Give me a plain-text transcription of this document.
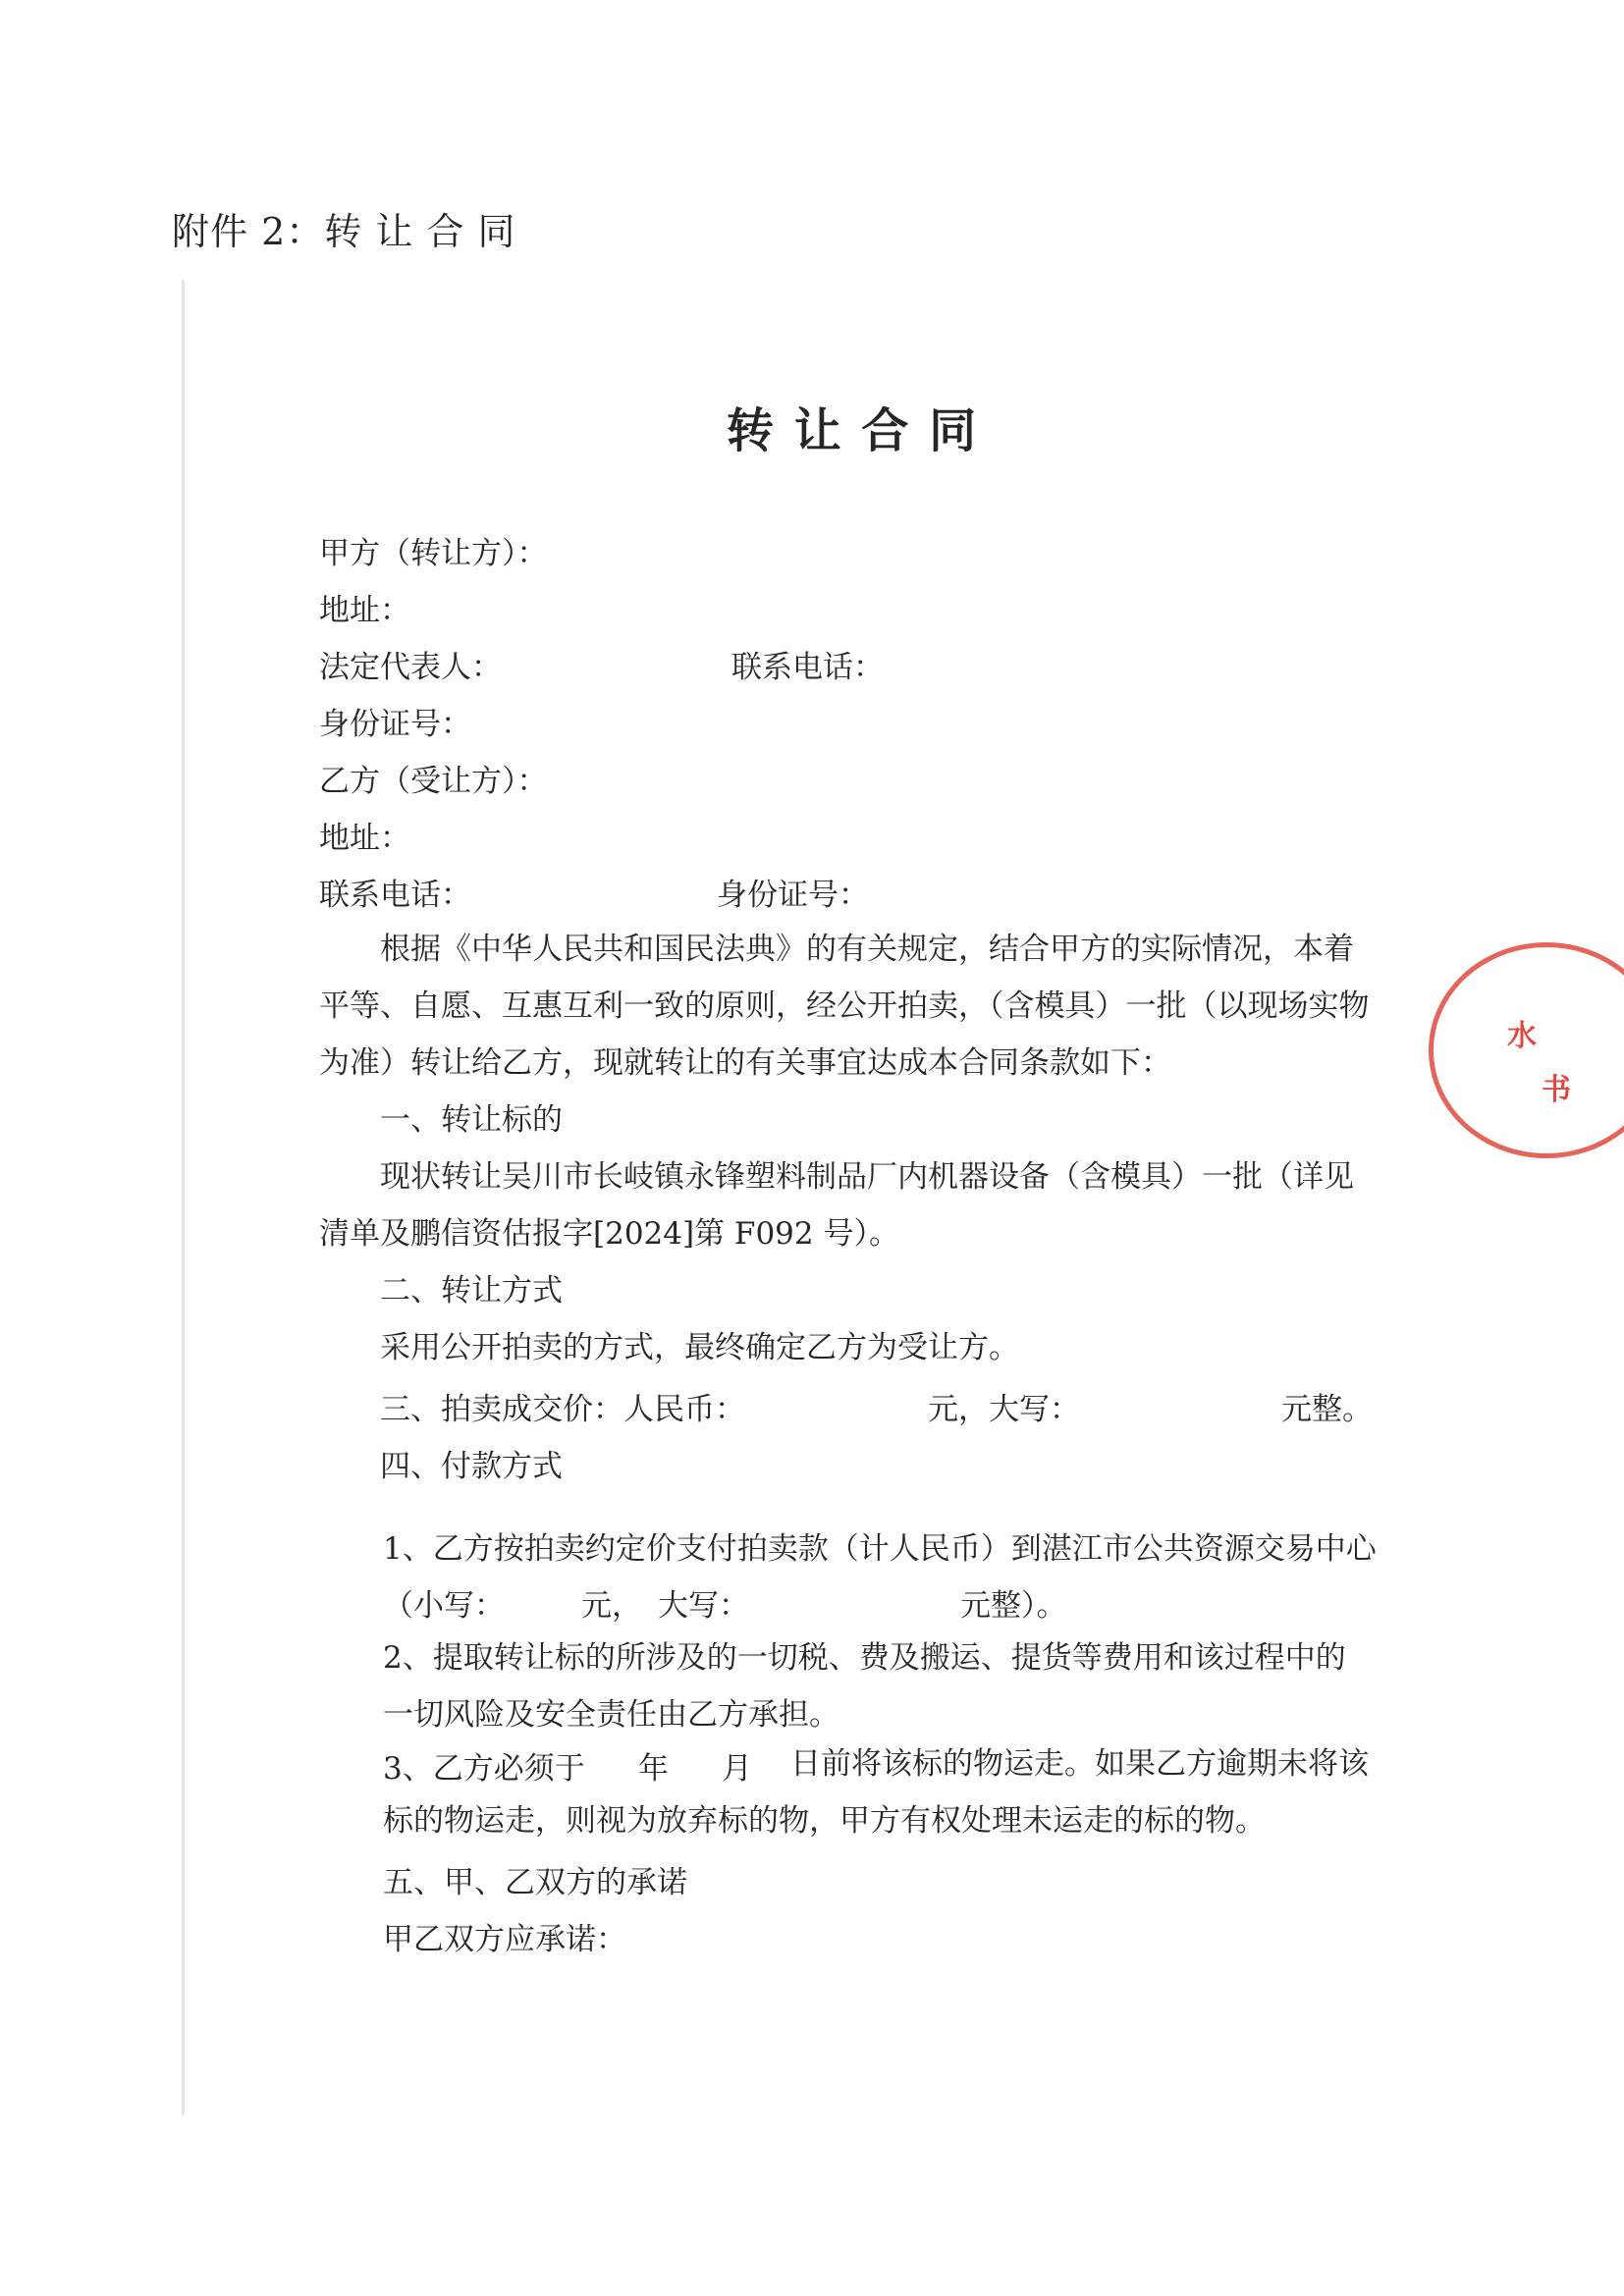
附件 2：转 让 合 同
转 让 合 同
甲方（转让方）：
地址：
法定代表人：	联系电话：
身份证号：
乙方（受让方）：
地址：
联系电话：	身份证号：

根据《中华人民共和国民法典》的有关规定，结合甲方的实际情况，本着平等、自愿、互惠互利一致的原则，经公开拍卖，（含模具）一批（以现场实物为准）转让给乙方，现就转让的有关事宜达成本合同条款如下：

一、转让标的

现状转让吴川市长岐镇永锋塑料制品厂内机器设备（含模具）一批（详见清单及鹏信资估报字[2024]第 F092 号）。

二、转让方式

采用公开拍卖的方式，最终确定乙方为受让方。

三、拍卖成交价：人民币：	元，大写：	元整。
四、付款方式
1、乙方按拍卖约定价支付拍卖款（计人民币）到湛江市公共资源交易中心
（小写：	元， 大写：	元整）。

2、提取转让标的所涉及的一切税、费及搬运、提货等费用和该过程中的一切风险及安全责任由乙方承担。

3、乙方必须于 年 月	日前将该标的物运走。如果乙方逾期未将该标的物运走，则视为放弃标的物，甲方有权处理未运走的标的物。

五、甲、乙双方的承诺
甲乙双方应承诺：
水
书
